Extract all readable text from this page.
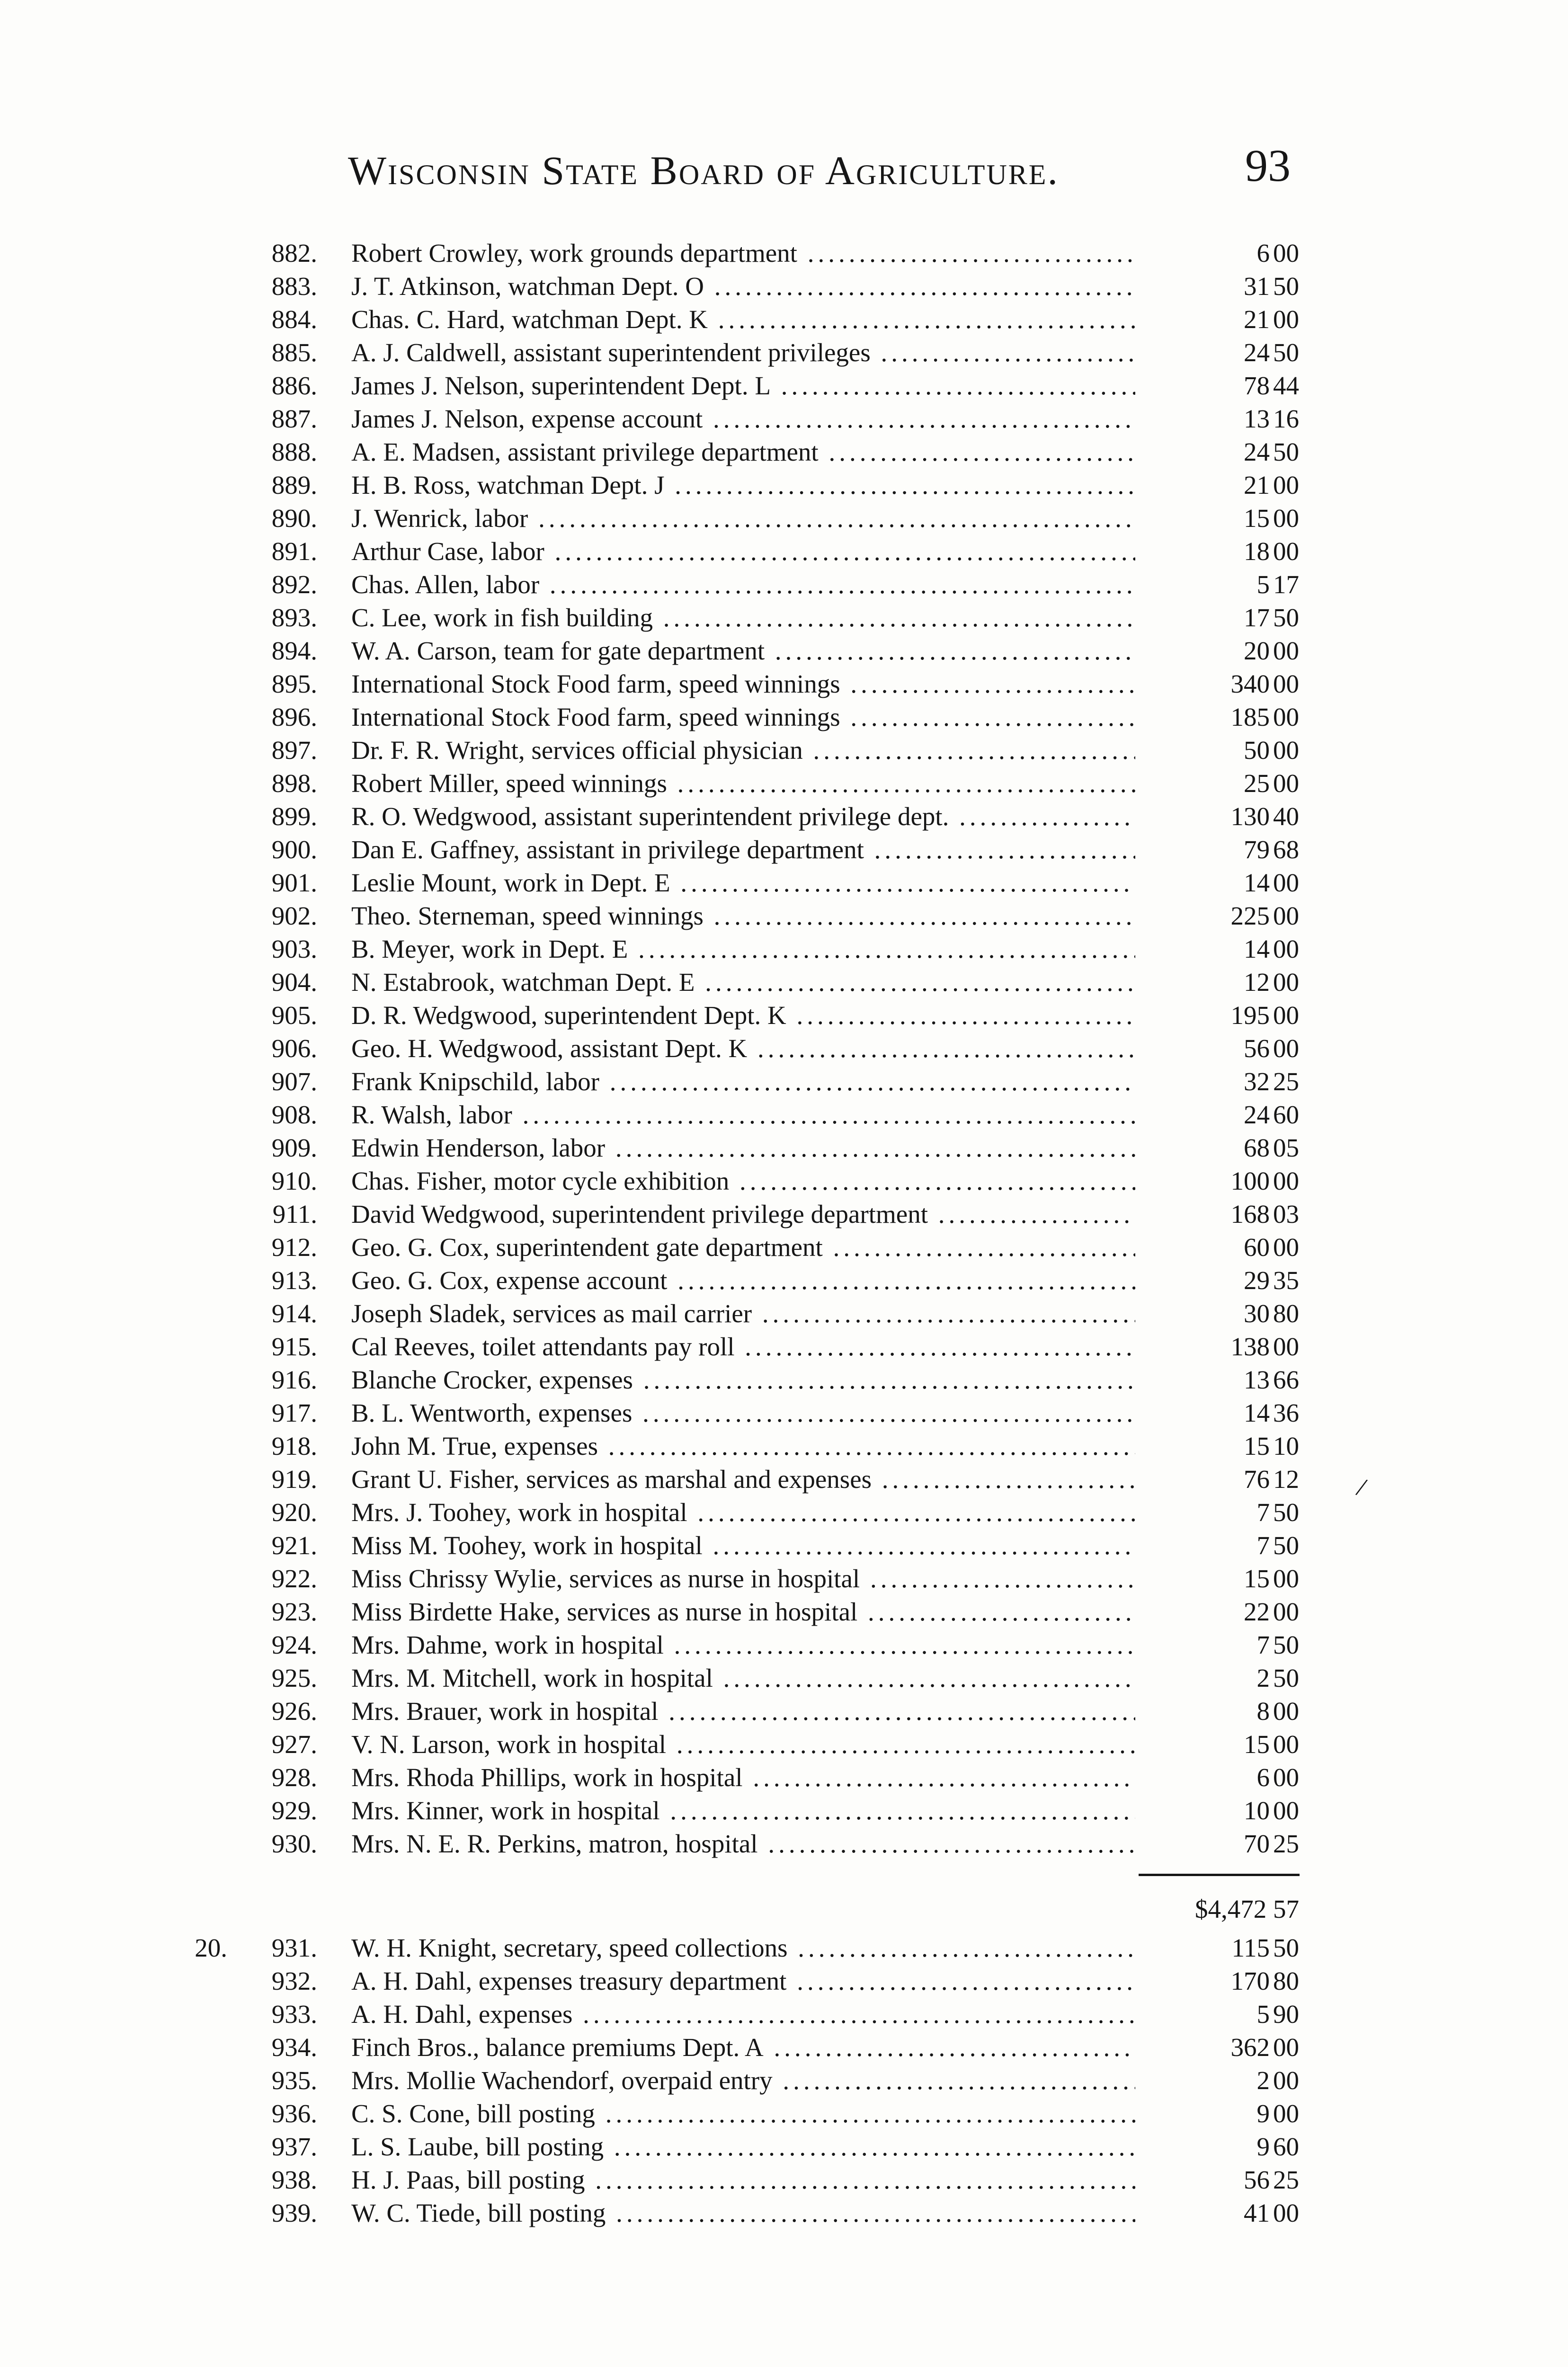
Wisconsin State Board of Agriculture.	93
882. Robert Crowley, work grounds department .....	6 00
883. J. T. Atkinson, watchman Dept. O .....	31 50
884. Chas. C. Hard, watchman Dept. K .....	21 00
885. A. J. Caldwell, assistant superintendent privileges .....	24 50
886. James J. Nelson, superintendent Dept. L .....	78 44
887. James J. Nelson, expense account .....	13 16
888. A. E. Madsen, assistant privilege department .....	24 50
889. H. B. Ross, watchman Dept. J .....	21 00
890. J. Wenrick, labor .....	15 00
891. Arthur Case, labor .....	18 00
892. Chas. Allen, labor .....	5 17
893. C. Lee, work in fish building .....	17 50
894. W. A. Carson, team for gate department .....	20 00
895. International Stock Food farm, speed winnings .....	340 00
896. International Stock Food farm, speed winnings .....	185 00
897. Dr. F. R. Wright, services official physician .....	50 00
898. Robert Miller, speed winnings .....	25 00
899. R. O. Wedgwood, assistant superintendent privilege dept. .....	130 40
900. Dan E. Gaffney, assistant in privilege department .....	79 68
901. Leslie Mount, work in Dept. E .....	14 00
902. Theo. Sterneman, speed winnings .....	225 00
903. B. Meyer, work in Dept. E .....	14 00
904. N. Estabrook, watchman Dept. E .....	12 00
905. D. R. Wedgwood, superintendent Dept. K .....	195 00
906. Geo. H. Wedgwood, assistant Dept. K .....	56 00
907. Frank Knipschild, labor .....	32 25
908. R. Walsh, labor .....	24 60
909. Edwin Henderson, labor .....	68 05
910. Chas. Fisher, motor cycle exhibition .....	100 00
911. David Wedgwood, superintendent privilege department .....	168 03
912. Geo. G. Cox, superintendent gate department .....	60 00
913. Geo. G. Cox, expense account .....	29 35
914. Joseph Sladek, services as mail carrier .....	30 80
915. Cal Reeves, toilet attendants pay roll .....	138 00
916. Blanche Crocker, expenses .....	13 66
917. B. L. Wentworth, expenses .....	14 36
918. John M. True, expenses .....	15 10
919. Grant U. Fisher, services as marshal and expenses .....	76 12
920. Mrs. J. Toohey, work in hospital .....	7 50
921. Miss M. Toohey, work in hospital .....	7 50
922. Miss Chrissy Wylie, services as nurse in hospital .....	15 00
923. Miss Birdette Hake, services as nurse in hospital .....	22 00
924. Mrs. Dahme, work in hospital .....	7 50
925. Mrs. M. Mitchell, work in hospital .....	2 50
926. Mrs. Brauer, work in hospital .....	8 00
927. V. N. Larson, work in hospital .....	15 00
928. Mrs. Rhoda Phillips, work in hospital .....	6 00
929. Mrs. Kinner, work in hospital .....	10 00
930. Mrs. N. E. R. Perkins, matron, hospital .....	70 25
$4,472 57
20. 931. W. H. Knight, secretary, speed collections .....	115 50
932. A. H. Dahl, expenses treasury department .....	170 80
933. A. H. Dahl, expenses .....	5 90
934. Finch Bros., balance premiums Dept. A .....	362 00
935. Mrs. Mollie Wachendorf, overpaid entry .....	2 00
936. C. S. Cone, bill posting .....	9 00
937. L. S. Laube, bill posting .....	9 60
938. H. J. Paas, bill posting .....	56 25
939. W. C. Tiede, bill posting .....	41 00
/
